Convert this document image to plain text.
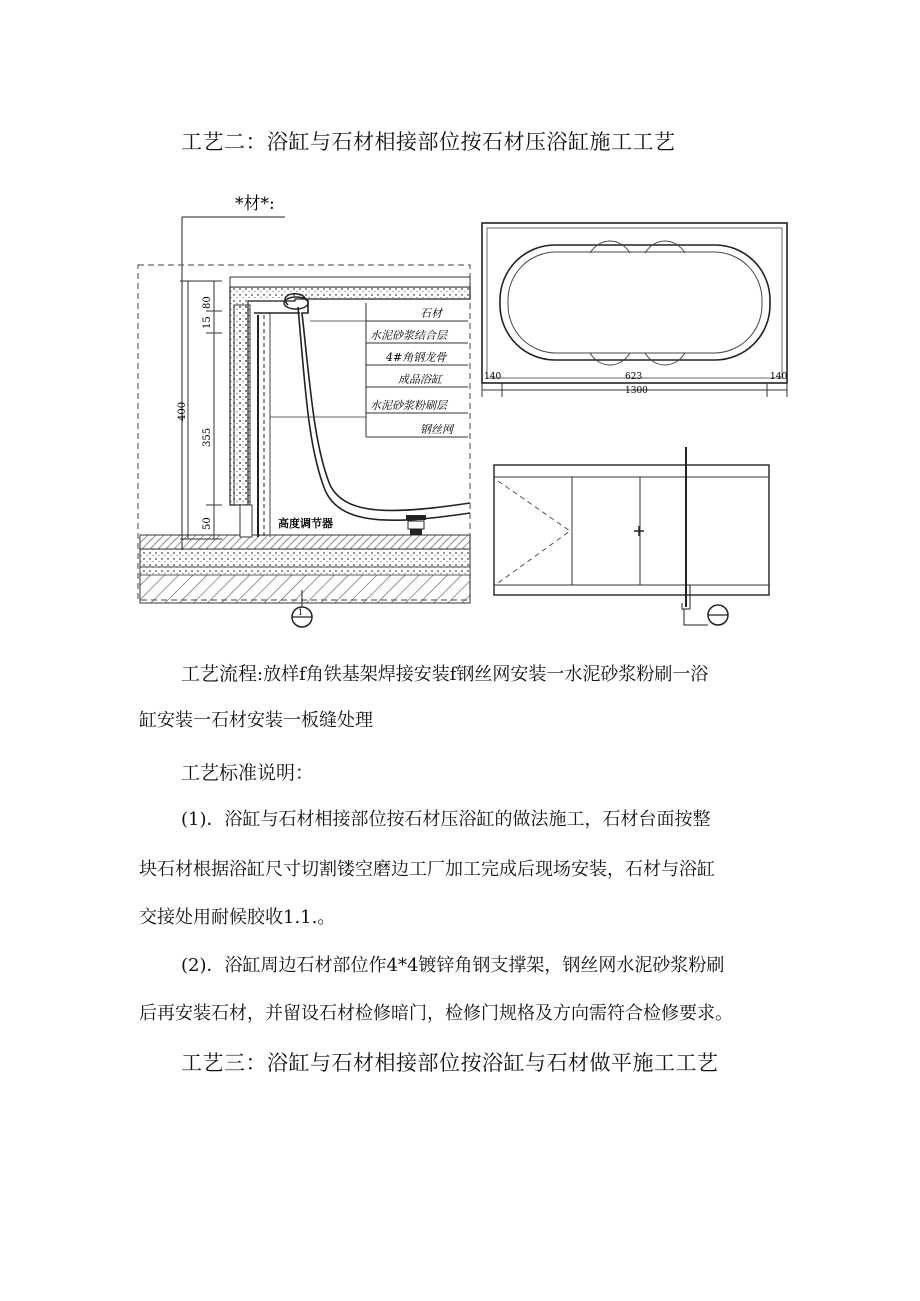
工艺二：浴缸与石材相接部位按石材压浴缸施工工艺
*材*:
高度调节器
80
15
400
355
50
石材
水泥砂浆结合层
4#角钢龙骨
成品浴缸
水泥砂浆粉刷层
钢丝网
1
140	623	140
1300
工艺流程:放样f角铁基架焊接安装f钢丝网安装一水泥砂浆粉刷一浴
缸安装一石材安装一板缝处理
工艺标准说明：
(1)．浴缸与石材相接部位按石材压浴缸的做法施工，石材台面按整
块石材根据浴缸尺寸切割镂空磨边工厂加工完成后现场安装，石材与浴缸
交接处用耐候胶收1.1.。
(2)．浴缸周边石材部位作4*4镀锌角钢支撑架，钢丝网水泥砂浆粉刷
后再安装石材，并留设石材检修暗门，检修门规格及方向需符合检修要求。
工艺三：浴缸与石材相接部位按浴缸与石材做平施工工艺
